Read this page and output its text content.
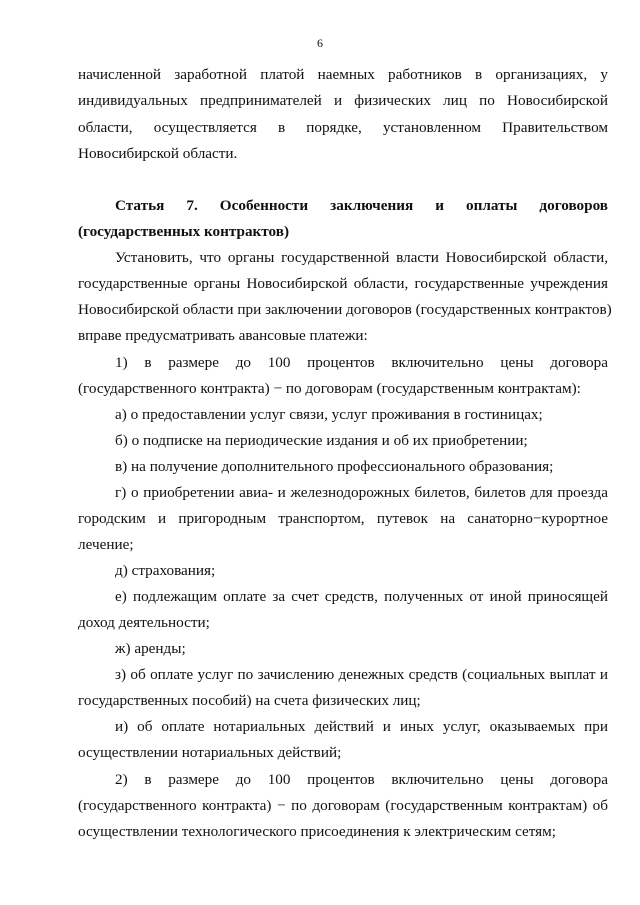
6
начисленной заработной платой наемных работников в организациях, у
индивидуальных предпринимателей и физических лиц по Новосибирской
области, осуществляется в порядке, установленном Правительством
Новосибирской области.
Статья 7. Особенности заключения и оплаты договоров
(государственных контрактов)
Установить, что органы государственной власти Новосибирской области,
государственные органы Новосибирской области, государственные учреждения
Новосибирской области при заключении договоров (государственных контрактов)
вправе предусматривать авансовые платежи:
1) в размере до 100 процентов включительно цены договора
(государственного контракта) − по договорам (государственным контрактам):
а) о предоставлении услуг связи, услуг проживания в гостиницах;
б) о подписке на периодические издания и об их приобретении;
в) на получение дополнительного профессионального образования;
г) о приобретении авиа- и железнодорожных билетов, билетов для проезда
городским и пригородным транспортом, путевок на санаторно−курортное
лечение;
д) страхования;
е) подлежащим оплате за счет средств, полученных от иной приносящей
доход деятельности;
ж) аренды;
з) об оплате услуг по зачислению денежных средств (социальных выплат и
государственных пособий) на счета физических лиц;
и) об оплате нотариальных действий и иных услуг, оказываемых при
осуществлении нотариальных действий;
2) в размере до 100 процентов включительно цены договора
(государственного контракта) − по договорам (государственным контрактам) об
осуществлении технологического присоединения к электрическим сетям;
